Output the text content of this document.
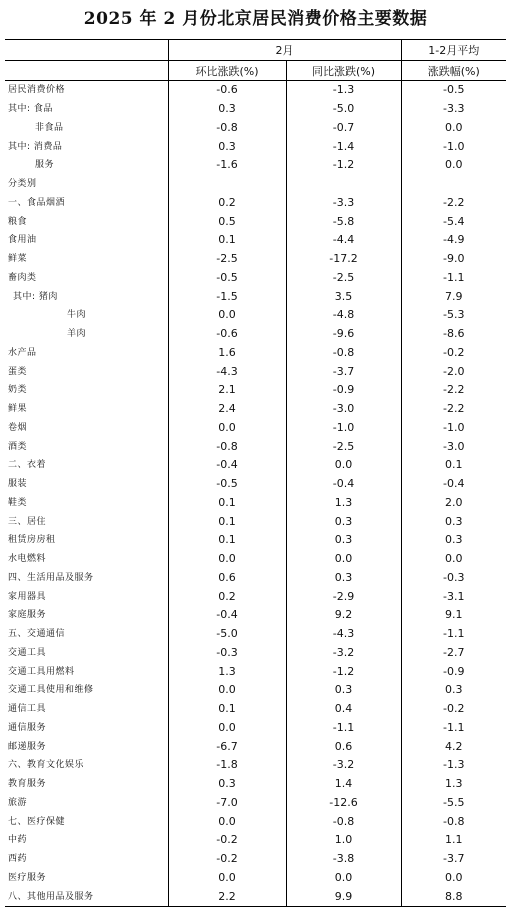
2025 年 2 月份北京居民消费价格主要数据
	2月		1-2月平均
	环比涨跌(%)	同比涨跌(%)	涨跌幅(%)
居民消费价格	-0.6	-1.3	-0.5
其中: 食品	0.3	-5.0	-3.3
非食品	-0.8	-0.7	0.0
其中: 消费品	0.3	-1.4	-1.0
服务	-1.6	-1.2	0.0
分类别			
一、食品烟酒	0.2	-3.3	-2.2
粮食	0.5	-5.8	-5.4
食用油	0.1	-4.4	-4.9
鲜菜	-2.5	-17.2	-9.0
畜肉类	-0.5	-2.5	-1.1
其中: 猪肉	-1.5	3.5	7.9
牛肉	0.0	-4.8	-5.3
羊肉	-0.6	-9.6	-8.6
水产品	1.6	-0.8	-0.2
蛋类	-4.3	-3.7	-2.0
奶类	2.1	-0.9	-2.2
鲜果	2.4	-3.0	-2.2
卷烟	0.0	-1.0	-1.0
酒类	-0.8	-2.5	-3.0
二、衣着	-0.4	0.0	0.1
服装	-0.5	-0.4	-0.4
鞋类	0.1	1.3	2.0
三、居住	0.1	0.3	0.3
租赁房房租	0.1	0.3	0.3
水电燃料	0.0	0.0	0.0
四、生活用品及服务	0.6	0.3	-0.3
家用器具	0.2	-2.9	-3.1
家庭服务	-0.4	9.2	9.1
五、交通通信	-5.0	-4.3	-1.1
交通工具	-0.3	-3.2	-2.7
交通工具用燃料	1.3	-1.2	-0.9
交通工具使用和维修	0.0	0.3	0.3
通信工具	0.1	0.4	-0.2
通信服务	0.0	-1.1	-1.1
邮递服务	-6.7	0.6	4.2
六、教育文化娱乐	-1.8	-3.2	-1.3
教育服务	0.3	1.4	1.3
旅游	-7.0	-12.6	-5.5
七、医疗保健	0.0	-0.8	-0.8
中药	-0.2	1.0	1.1
西药	-0.2	-3.8	-3.7
医疗服务	0.0	0.0	0.0
八、其他用品及服务	2.2	9.9	8.8
